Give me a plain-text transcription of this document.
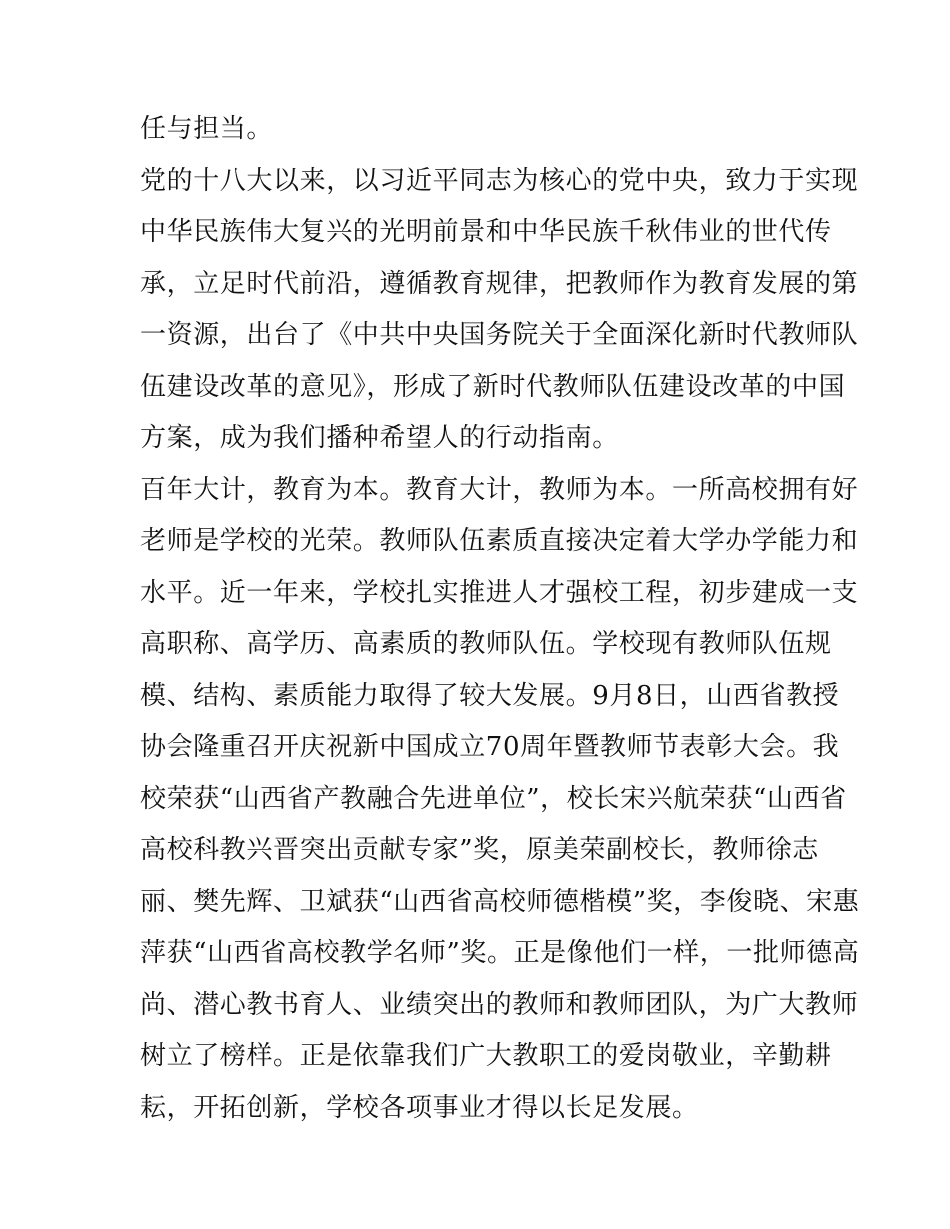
任与担当。
党的十八大以来，以习近平同志为核心的党中央，致力于实现
中华民族伟大复兴的光明前景和中华民族千秋伟业的世代传
承，立足时代前沿，遵循教育规律，把教师作为教育发展的第
一资源，出台了《中共中央国务院关于全面深化新时代教师队
伍建设改革的意见》，形成了新时代教师队伍建设改革的中国
方案，成为我们播种希望人的行动指南。
百年大计，教育为本。教育大计，教师为本。一所高校拥有好
老师是学校的光荣。教师队伍素质直接决定着大学办学能力和
水平。近一年来，学校扎实推进人才强校工程，初步建成一支
高职称、高学历、高素质的教师队伍。学校现有教师队伍规
模、结构、素质能力取得了较大发展。9月8日，山西省教授
协会隆重召开庆祝新中国成立70周年暨教师节表彰大会。我
校荣获“山西省产教融合先进单位”，校长宋兴航荣获“山西省
高校科教兴晋突出贡献专家”奖，原美荣副校长，教师徐志
丽、樊先辉、卫斌获“山西省高校师德楷模”奖，李俊晓、宋惠
萍获“山西省高校教学名师”奖。正是像他们一样，一批师德高
尚、潜心教书育人、业绩突出的教师和教师团队，为广大教师
树立了榜样。正是依靠我们广大教职工的爱岗敬业，辛勤耕
耘，开拓创新，学校各项事业才得以长足发展。
